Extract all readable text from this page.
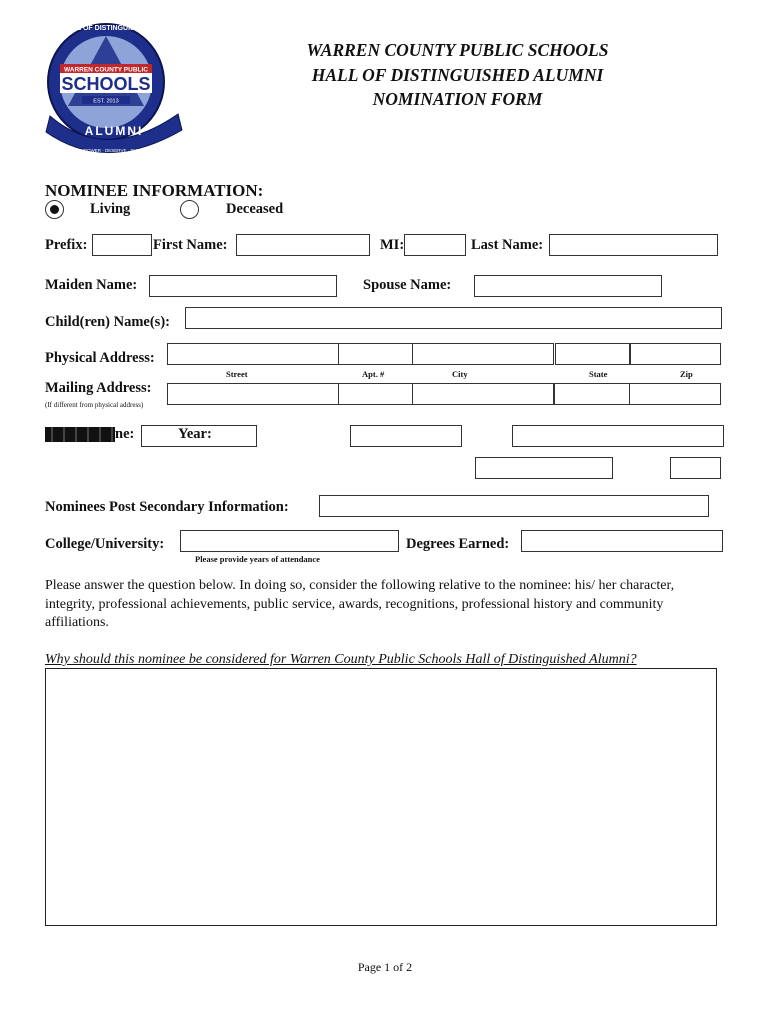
WARREN COUNTY PUBLIC
SCHOOLS
EST. 2013
HALL OF DISTINGUISHED
ALUMNI
INSPIRE · EMPOWER · DESERVE · PUBLIC · SCHOOLS
WARREN COUNTY PUBLIC SCHOOLS
HALL OF DISTINGUISHED ALUMNI
NOMINATION FORM
NOMINEE INFORMATION:
Living	Deceased
Prefix:	First Name:	MI:	Last Name:
Maiden Name:	Spouse Name:
Child(ren) Name(s):
Physical Address:
Street	Apt. #	City	State	Zip
Mailing Address:
(If different from physical address)
ne:	Year:
Nominees Post Secondary Information:
College/University:
Please provide years of attendance
Degrees Earned:
Please answer the question below. In doing so, consider the following relative to the nominee: his/ her character, integrity, professional achievements, public service, awards, recognitions, professional history and community affiliations.
Why should this nominee be considered for Warren County Public Schools Hall of Distinguished Alumni?
Page 1 of 2
